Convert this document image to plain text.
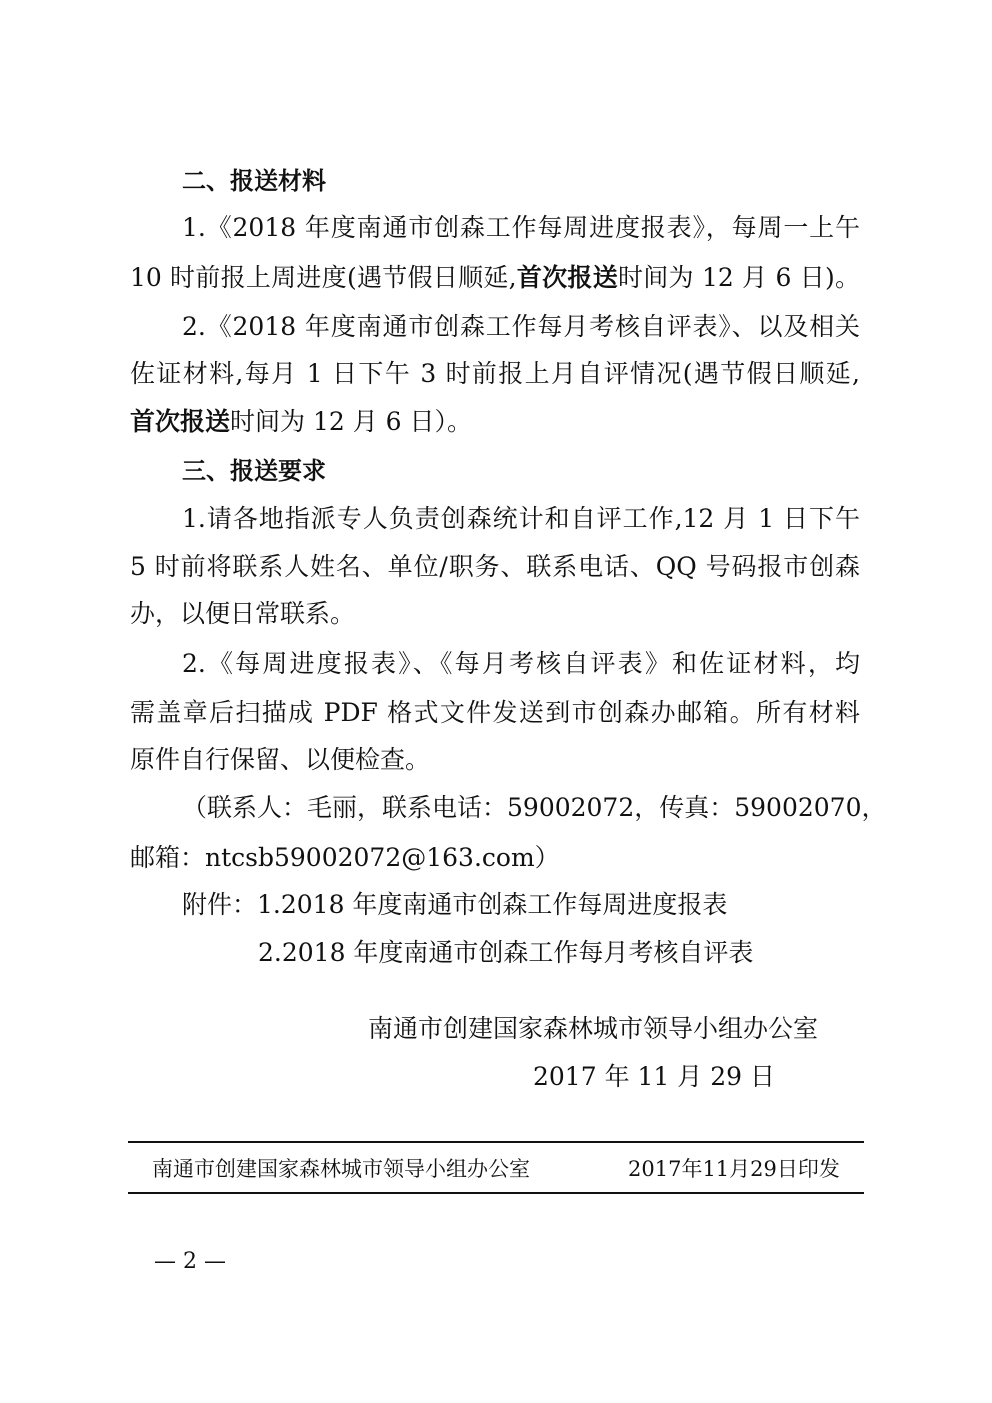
二、报送材料
1.《2018 年度南通市创森工作每周进度报表》，每周一上午
10 时前报上周进度(遇节假日顺延,首次报送时间为 12 月 6 日)。
2.《2018 年度南通市创森工作每月考核自评表》、以及相关
佐证材料,每月 1 日下午 3 时前报上月自评情况(遇节假日顺延,
首次报送时间为 12 月 6 日）。
三、报送要求
1.请各地指派专人负责创森统计和自评工作,12 月 1 日下午
5 时前将联系人姓名、单位/职务、联系电话、QQ 号码报市创森
办，以便日常联系。
2.《每周进度报表》、《每月考核自评表》和佐证材料，均
需盖章后扫描成 PDF 格式文件发送到市创森办邮箱。所有材料
原件自行保留、以便检查。
（联系人：毛丽，联系电话：59002072，传真：59002070，
邮箱：ntcsb59002072@163.com）
附件：1.2018 年度南通市创森工作每周进度报表
2.2018 年度南通市创森工作每月考核自评表
南通市创建国家森林城市领导小组办公室
2017 年 11 月 29 日
南通市创建国家森林城市领导小组办公室	2017年11月29日印发
— 2 —
